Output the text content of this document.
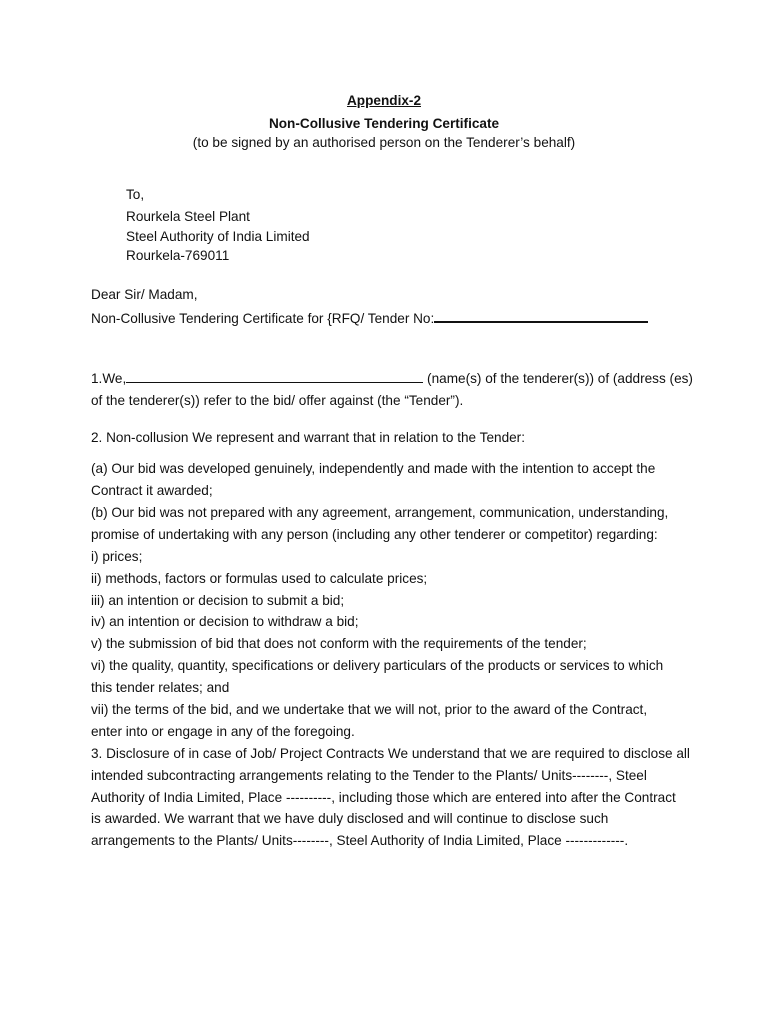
Appendix-2
Non-Collusive Tendering Certificate
(to be signed by an authorised person on the Tenderer’s behalf)
To,
Rourkela Steel Plant
Steel Authority of India Limited
Rourkela-769011
Dear Sir/ Madam,
Non-Collusive Tendering Certificate for {RFQ/ Tender No:
1.We,	(name(s) of the tenderer(s)) of (address (es)
of the tenderer(s)) refer to the bid/ offer against (the “Tender”).
2. Non-collusion We represent and warrant that in relation to the Tender:
(a) Our bid was developed genuinely, independently and made with the intention to accept the
Contract it awarded;
(b) Our bid was not prepared with any agreement, arrangement, communication, understanding,
promise of undertaking with any person (including any other tenderer or competitor) regarding:
i) prices;
ii) methods, factors or formulas used to calculate prices;
iii) an intention or decision to submit a bid;
iv) an intention or decision to withdraw a bid;
v) the submission of bid that does not conform with the requirements of the tender;
vi) the quality, quantity, specifications or delivery particulars of the products or services to which
this tender relates; and
vii) the terms of the bid, and we undertake that we will not, prior to the award of the Contract,
enter into or engage in any of the foregoing.
3. Disclosure of in case of Job/ Project Contracts We understand that we are required to disclose all
intended subcontracting arrangements relating to the Tender to the Plants/ Units--------, Steel
Authority of India Limited, Place ----------, including those which are entered into after the Contract
is awarded. We warrant that we have duly disclosed and will continue to disclose such
arrangements to the Plants/ Units--------, Steel Authority of India Limited, Place -------------.
